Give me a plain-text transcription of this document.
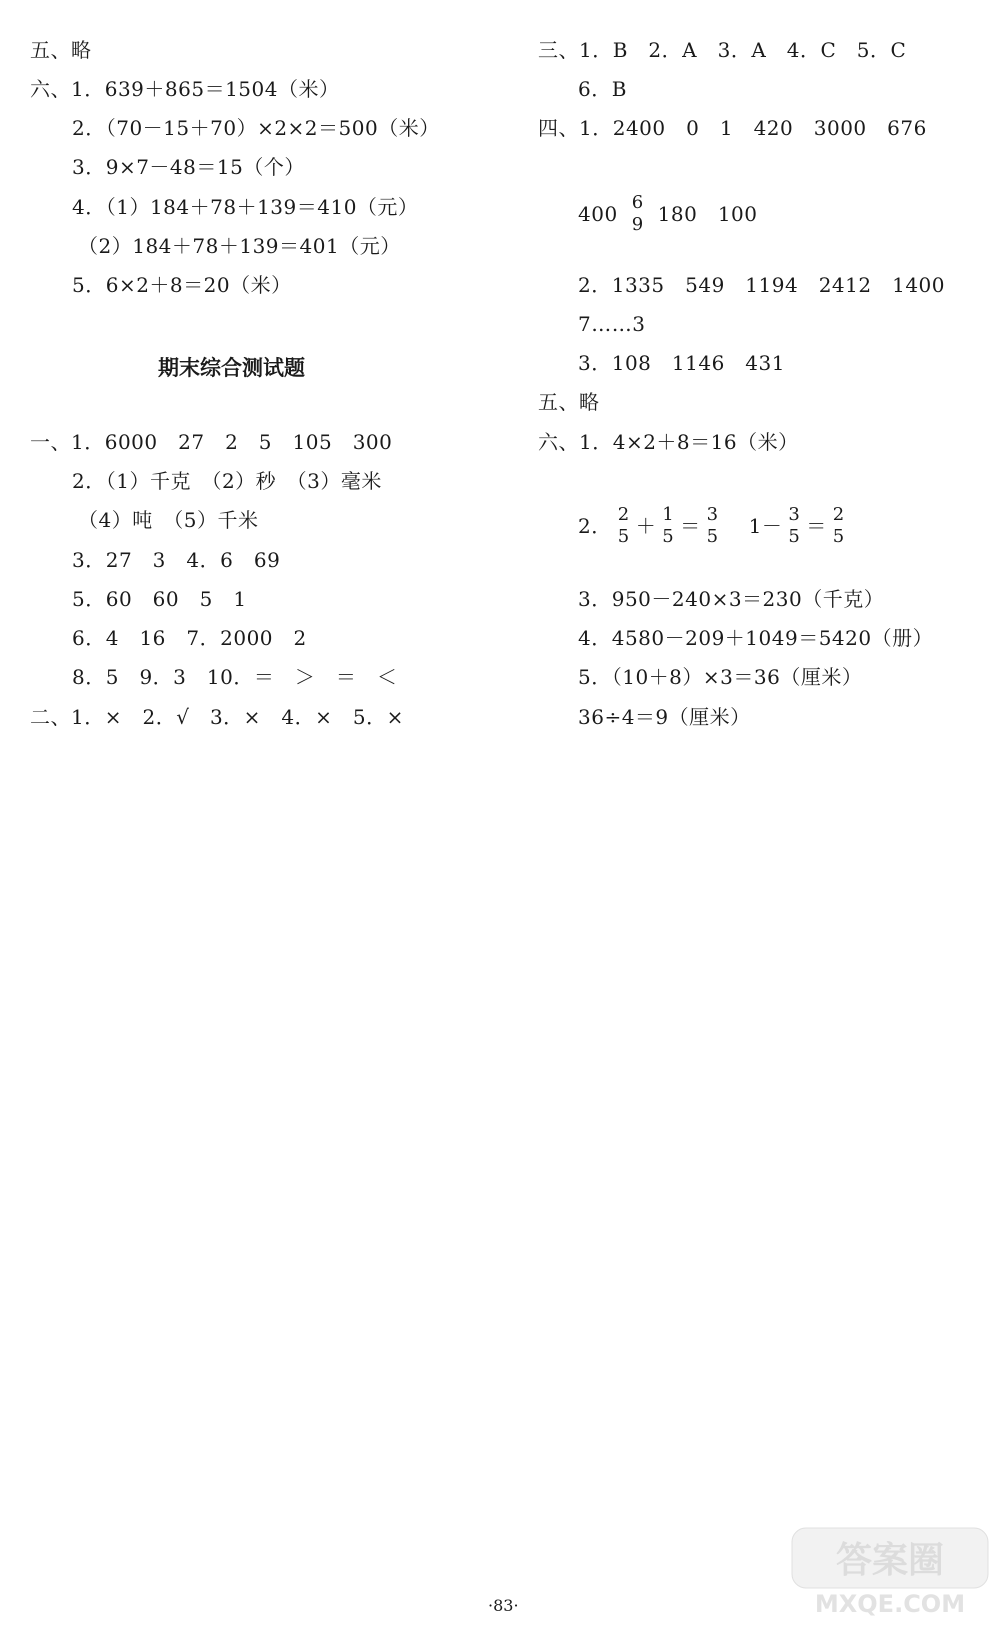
五、略
六、1．639＋865＝1504（米）
2．（70－15＋70）×2×2＝500（米）
3．9×7－48＝15（个）
4．（1）184＋78＋139＝410（元）
（2）184＋78＋139＝401（元）
5．6×2＋8＝20（米）
期末综合测试题
一、1．6000　27　2　5　105　300
2．（1）千克　（2）秒　（3）毫米
（4）吨　（5）千米
3．27　3　4．6　69
5．60　60　5　1
6．4　16　7．2000　2
8．5　9．3　10．＝　＞　＝　＜
二、1．×　2．√　3．×　4．×　5．×
三、1．B　2．A　3．A　4．C　5．C
6．B
四、1．2400　0　1　420　3000　676
400 6
9 180　100
2．1335　549　1194　2412　1400
7……3
3．108　1146　431
五、略
六、1．4×2＋8＝16（米）
2． 2
5 ＋ 1
5 ＝ 3
5 1－ 3
5 ＝ 2
5
3．950－240×3＝230（千克）
4．4580－209＋1049＝5420（册）
5．（10＋8）×3＝36（厘米）
36÷4＝9（厘米）
·83·
答案圈
MXQE.COM
